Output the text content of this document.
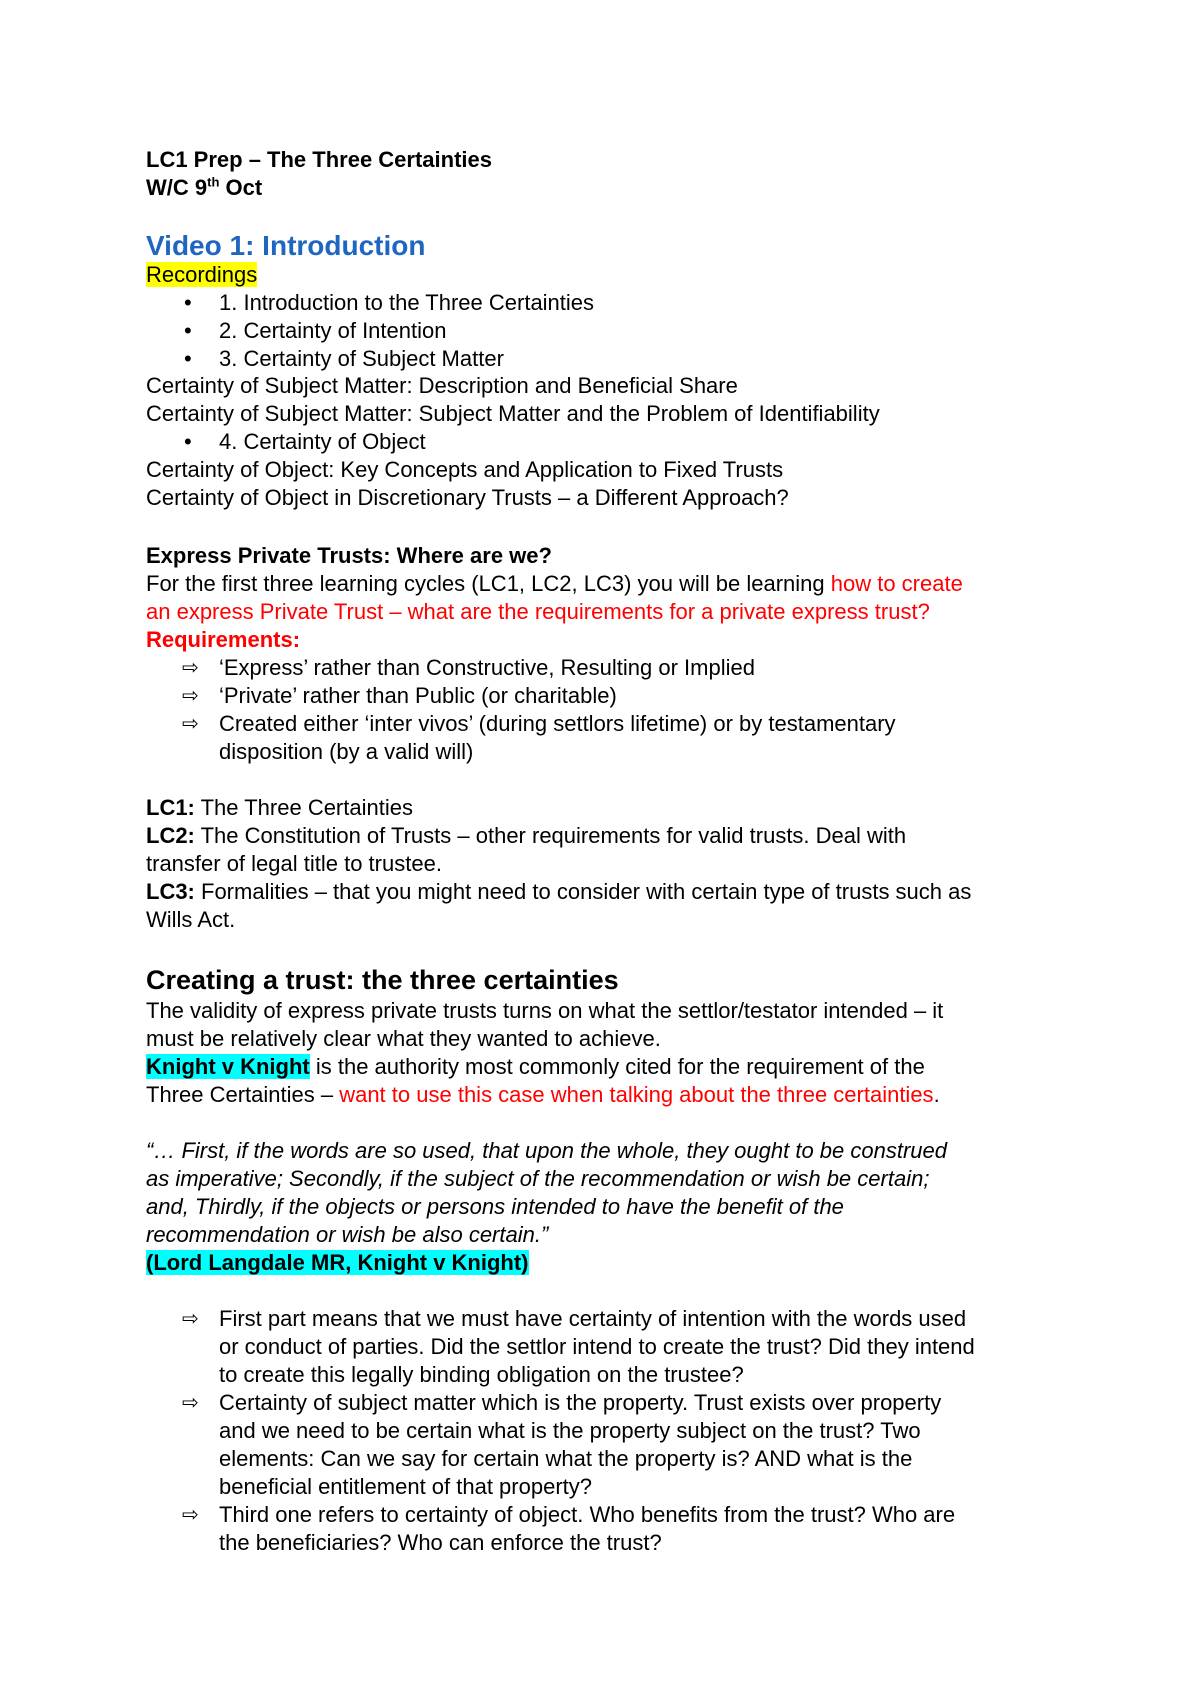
LC1 Prep – The Three Certainties
W/C 9th Oct
Video 1: Introduction
Recordings
• 1. Introduction to the Three Certainties
• 2. Certainty of Intention
• 3. Certainty of Subject Matter
Certainty of Subject Matter: Description and Beneficial Share
Certainty of Subject Matter: Subject Matter and the Problem of Identifiability
• 4. Certainty of Object
Certainty of Object: Key Concepts and Application to Fixed Trusts
Certainty of Object in Discretionary Trusts – a Different Approach?
Express Private Trusts: Where are we?
For the first three learning cycles (LC1, LC2, LC3) you will be learning how to create
an express Private Trust – what are the requirements for a private express trust?
Requirements:
⇨ ‘Express’ rather than Constructive, Resulting or Implied
⇨ ‘Private’ rather than Public (or charitable)
⇨ Created either ‘inter vivos’ (during settlors lifetime) or by testamentary
disposition (by a valid will)
LC1: The Three Certainties
LC2: The Constitution of Trusts – other requirements for valid trusts. Deal with
transfer of legal title to trustee.
LC3: Formalities – that you might need to consider with certain type of trusts such as
Wills Act.
Creating a trust: the three certainties
The validity of express private trusts turns on what the settlor/testator intended – it
must be relatively clear what they wanted to achieve.
Knight v Knight is the authority most commonly cited for the requirement of the
Three Certainties – want to use this case when talking about the three certainties.
“… First, if the words are so used, that upon the whole, they ought to be construed
as imperative; Secondly, if the subject of the recommendation or wish be certain;
and, Thirdly, if the objects or persons intended to have the benefit of the
recommendation or wish be also certain.”
(Lord Langdale MR, Knight v Knight)
⇨ First part means that we must have certainty of intention with the words used
or conduct of parties. Did the settlor intend to create the trust? Did they intend
to create this legally binding obligation on the trustee?
⇨ Certainty of subject matter which is the property. Trust exists over property
and we need to be certain what is the property subject on the trust? Two
elements: Can we say for certain what the property is? AND what is the
beneficial entitlement of that property?
⇨ Third one refers to certainty of object. Who benefits from the trust? Who are
the beneficiaries? Who can enforce the trust?
